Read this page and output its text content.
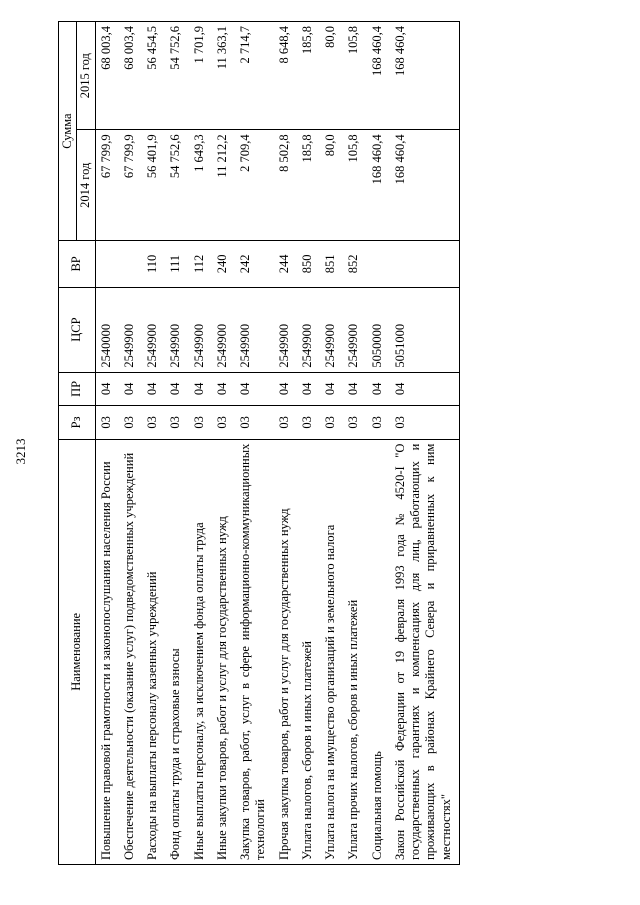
3213
Наименование	Рз	ПР	ЦСР	ВР	Сумма	
					2014 год	2015 год
Повышение правовой грамотности и законопослушания населения России	03	04	2540000		67 799,9	68 003,4
Обеспечение деятельности (оказание услуг) подведомственных учреждений	03	04	2549900		67 799,9	68 003,4
Расходы на выплаты персоналу казенных учреждений	03	04	2549900	110	56 401,9	56 454,5
Фонд оплаты труда и страховые взносы	03	04	2549900	111	54 752,6	54 752,6
Иные выплаты персоналу, за исключением фонда оплаты труда	03	04	2549900	112	1 649,3	1 701,9
Иные закупки товаров, работ и услуг для государственных нужд	03	04	2549900	240	11 212,2	11 363,1
Закупка товаров, работ, услуг в сфере информационно-коммуникационных технологий	03	04	2549900	242	2 709,4	2 714,7
Прочая закупка товаров, работ и услуг для государственных нужд	03	04	2549900	244	8 502,8	8 648,4
Уплата налогов, сборов и иных платежей	03	04	2549900	850	185,8	185,8
Уплата налога на имущество организаций и земельного налога	03	04	2549900	851	80,0	80,0
Уплата прочих налогов, сборов и иных платежей	03	04	2549900	852	105,8	105,8
Социальная помощь	03	04	5050000		168 460,4	168 460,4
Закон Российской Федерации от 19 февраля 1993 года № 4520-I "О государственных гарантиях и компенсациях для лиц, работающих и проживающих в районах Крайнего Севера и приравненных к ним местностях"	03	04	5051000		168 460,4	168 460,4
